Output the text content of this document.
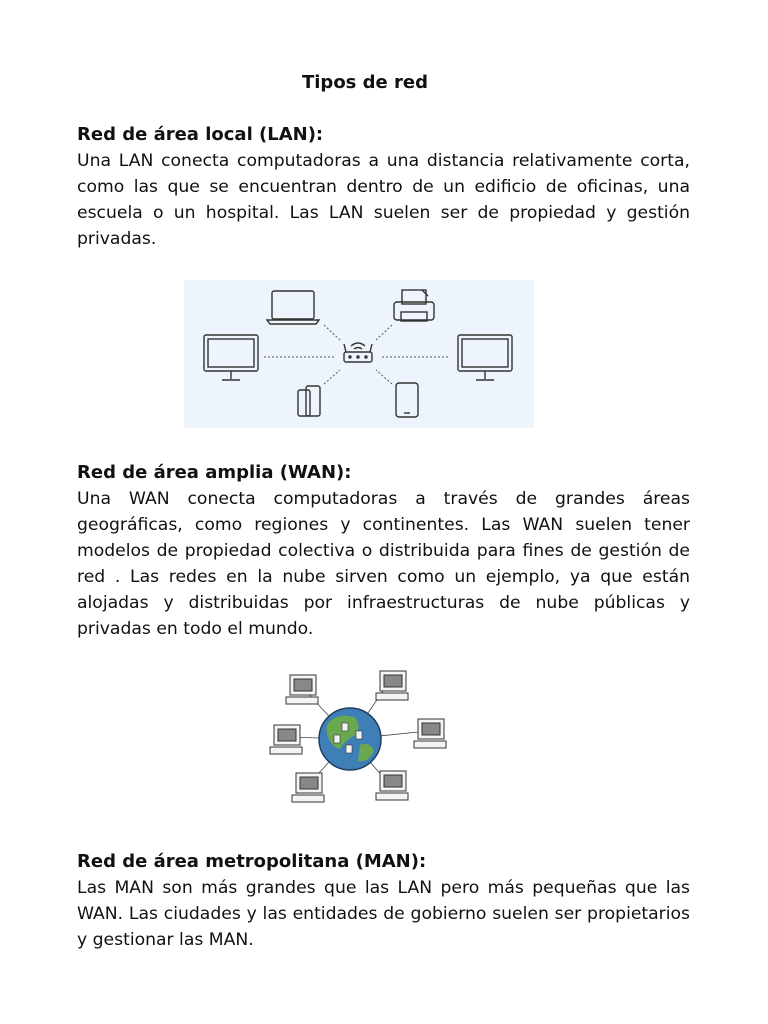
Tipos de red
Red de área local (LAN):

Una LAN conecta computadoras a una distancia relativamente corta, como las que se encuentran dentro de un edificio de oficinas, una escuela o un hospital. Las LAN suelen ser de propiedad y gestión privadas.

Red de área amplia (WAN):

Una WAN conecta computadoras a través de grandes áreas geográficas, como regiones y continentes. Las WAN suelen tener modelos de propiedad colectiva o distribuida para fines de gestión de red . Las redes en la nube sirven como un ejemplo, ya que están alojadas y distribuidas por infraestructuras de nube públicas y privadas en todo el mundo.

Red de área metropolitana (MAN):

Las MAN son más grandes que las LAN pero más pequeñas que las WAN. Las ciudades y las entidades de gobierno suelen ser propietarios y gestionar las MAN.
